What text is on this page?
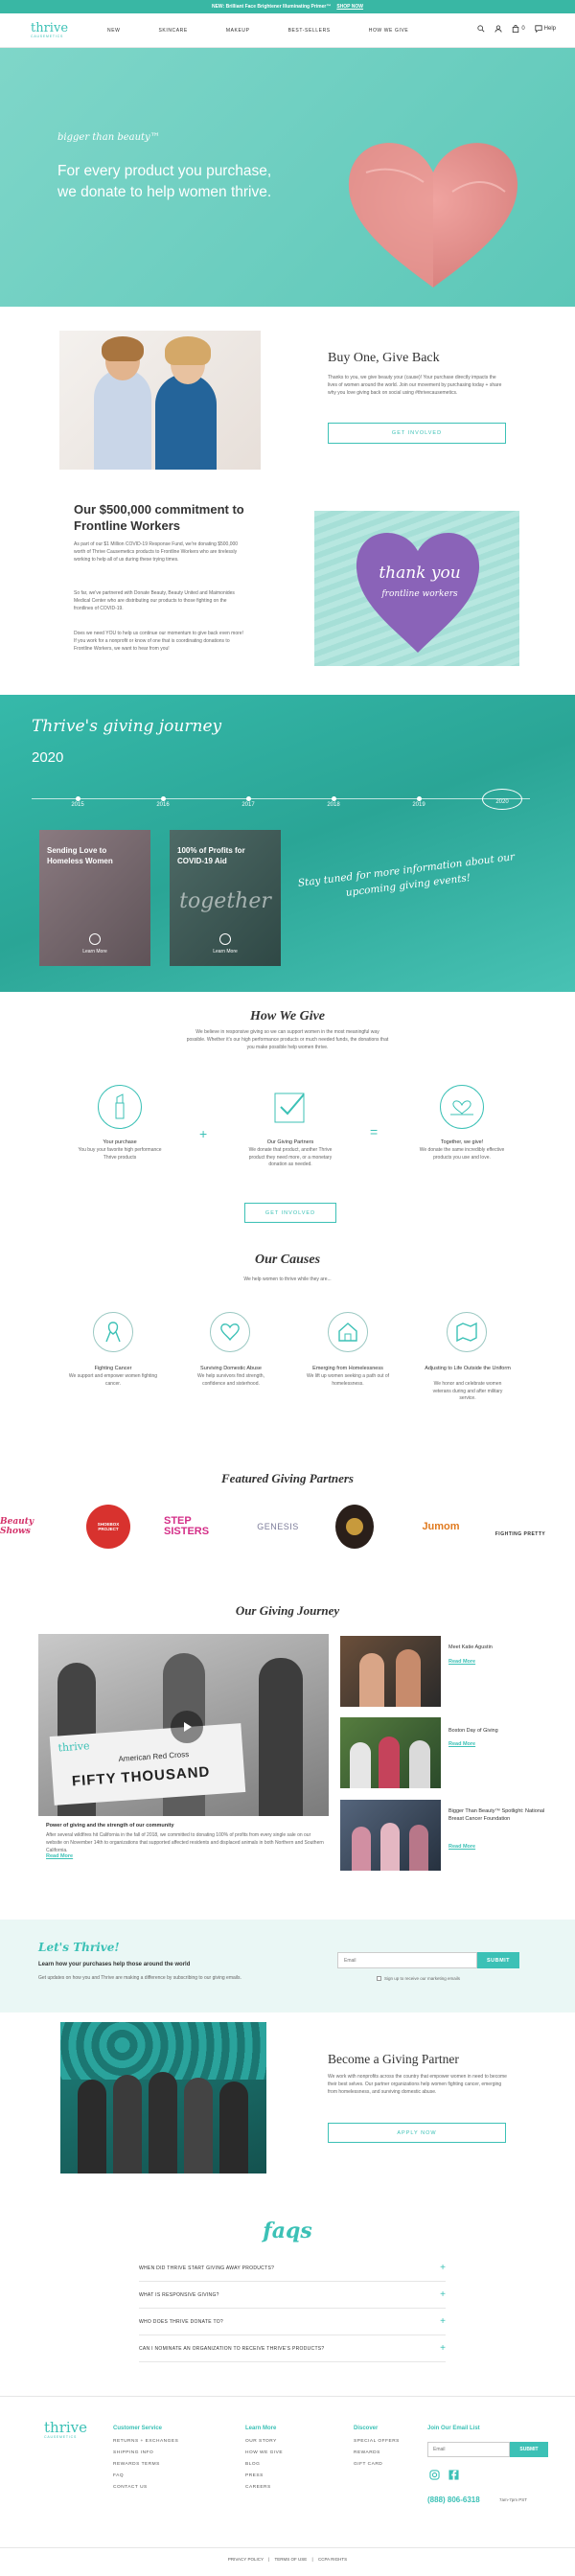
NEW: Brilliant Face Brightener Illuminating Primer™ SHOP NOW
thrive
CAUSEMETICS
NEW	SKINCARE	MAKEUP	BEST-SELLERS	HOW WE GIVE	0	Help
bigger than beauty™
For every product you purchase, we donate to help women thrive.
Buy One, Give Back
Thanks to you, we give beauty your (cause)! Your purchase directly impacts the lives of women around the world. Join our movement by purchasing today + share why you love giving back on social using #thrivecausemetics.
GET INVOLVED
Our $500,000 commitment to Frontline Workers
As part of our $1 Million COVID-19 Response Fund, we're donating $500,000 worth of Thrive Causemetics products to Frontline Workers who are tirelessly working to help all of us during these trying times.
So far, we've partnered with Donate Beauty, Beauty United and Maimonides Medical Center who are distributing our products to those fighting on the frontlines of COVID-19.
Does we need YOU to help us continue our momentum to give back even more! If you work for a nonprofit or know of one that is coordinating donations to Frontline Workers, we want to hear from you!
thank you
frontline workers
Thrive's giving journey
2020
2015	2016	2017	2018	2019	2020
Sending Love to Homeless Women
Learn More
100% of Profits for COVID-19 Aid
together
Learn More
Stay tuned for more information about our upcoming giving events!
How We Give
We believe in responsive giving so we can support women in the most meaningful way possible. Whether it's our high performance products or much needed funds, the donations that you make possible help women thrive.
+	=
Your purchase
You buy your favorite high performance Thrive products
Our Giving Partners
We donate that product, another Thrive product they need more, or a monetary donation as needed.
Together, we give!
We donate the same incredibly effective products you use and love.
GET INVOLVED
Our Causes
We help women to thrive while they are...
Fighting Cancer
We support and empower women fighting cancer.
Surviving Domestic Abuse
We help survivors find strength, confidence and sisterhood.
Emerging from Homelessness
We lift up women seeking a path out of homelessness.
Adjusting to Life Outside the Uniform
We honor and celebrate women veterans during and after military service.
Featured Giving Partners
Beauty Shows
SHOEBOX PROJECT
STEP SISTERS	GENESIS	Jumom
FIGHTING PRETTY
Our Giving Journey
thrive
American Red Cross
FIFTY THOUSAND
Power of giving and the strength of our community
After several wildfires hit California in the fall of 2018, we committed to donating 100% of profits from every single sale on our website on November 14th to organizations that supported affected residents and displaced animals in both Northern and Southern California.
Read More
Meet Katie Agustin
Read More
Boston Day of Giving
Read More
Bigger Than Beauty™ Spotlight: National Breast Cancer Foundation
Read More
Let's Thrive!
Learn how your purchases help those around the world
Get updates on how you and Thrive are making a difference by subscribing to our giving emails.
Email
SUBMIT
Sign up to receive our marketing emails
Become a Giving Partner
We work with nonprofits across the country that empower women in need to become their best selves. Our partner organizations help women fighting cancer, emerging from homelessness, and surviving domestic abuse.
APPLY NOW
faqs
WHEN DID THRIVE START GIVING AWAY PRODUCTS?	+
WHAT IS RESPONSIVE GIVING?	+
WHO DOES THRIVE DONATE TO?	+
CAN I NOMINATE AN ORGANIZATION TO RECEIVE THRIVE'S PRODUCTS?	+
thrive
CAUSEMETICS
Customer Service
RETURNS + EXCHANGES
SHIPPING INFO
REWARDS TERMS
FAQ
CONTACT US
Learn More
OUR STORY
HOW WE GIVE
BLOG
PRESS
CAREERS
Discover
SPECIAL OFFERS
REWARDS
GIFT CARD
Join Our Email List
Email
SUBMIT
(888) 806-6318	7am-7pm PST
PRIVACY POLICY | TERMS OF USE | CCPA RIGHTS
